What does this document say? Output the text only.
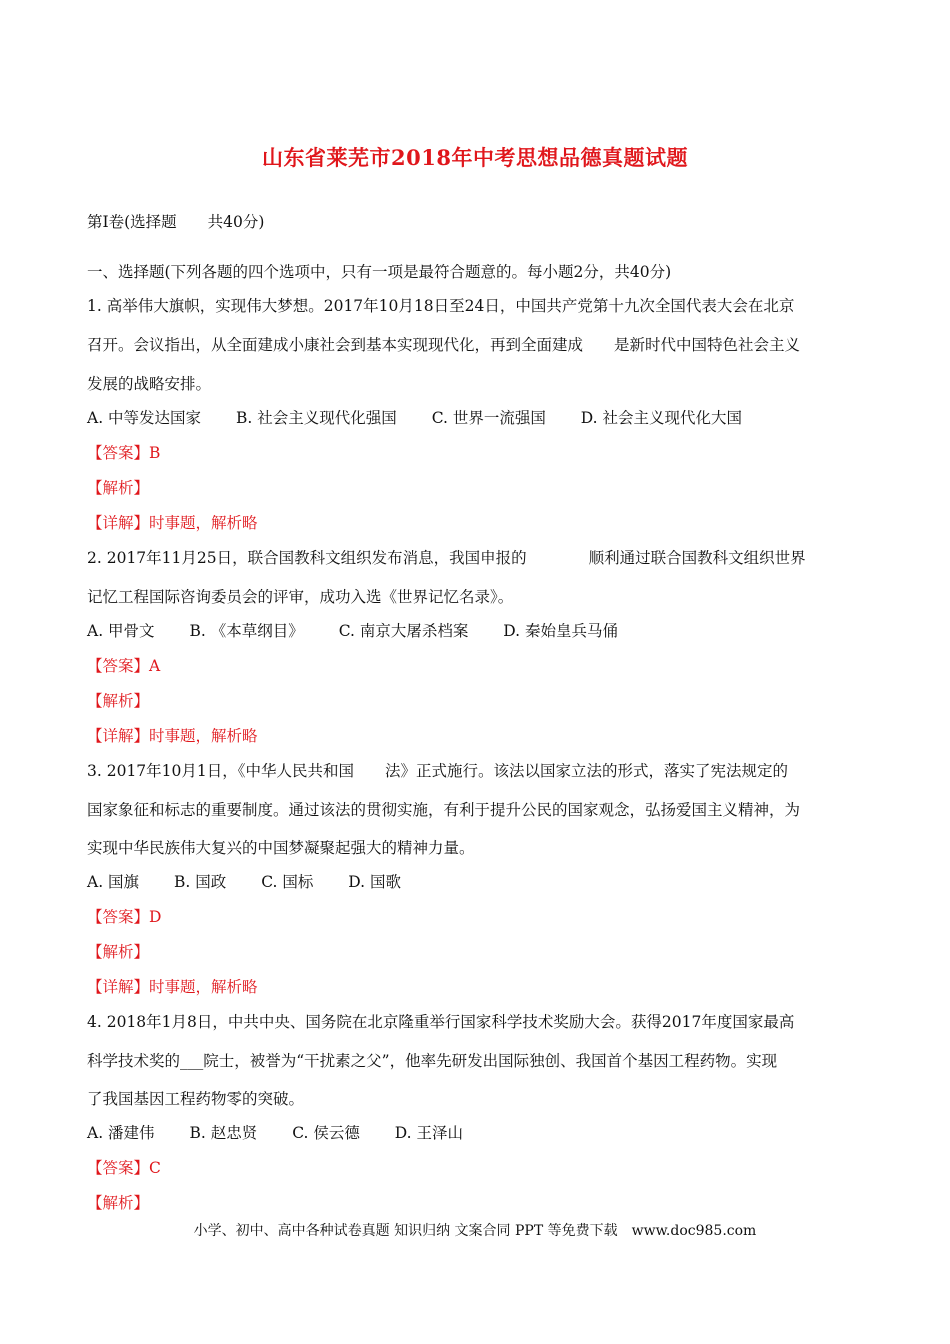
山东省莱芜市2018年中考思想品德真题试题
第Ⅰ卷(选择题　　共40分)
一、选择题(下列各题的四个选项中，只有一项是最符合题意的。每小题2分，共40分)
1. 高举伟大旗帜，实现伟大梦想。2017年10月18日至24日，中国共产党第十九次全国代表大会在北京
召开。会议指出，从全面建成小康社会到基本实现现代化，再到全面建成　　是新时代中国特色社会主义
发展的战略安排。
A. 中等发达国家 B. 社会主义现代化强国 C. 世界一流强国 D. 社会主义现代化大国
【答案】B
【解析】
【详解】时事题，解析略
2. 2017年11月25日，联合国教科文组织发布消息，我国申报的　　　　顺利通过联合国教科文组织世界
记忆工程国际咨询委员会的评审，成功入选《世界记忆名录》。
A. 甲骨文 B. 《本草纲目》 C. 南京大屠杀档案 D. 秦始皇兵马俑
【答案】A
【解析】
【详解】时事题，解析略
3. 2017年10月1日，《中华人民共和国　　法》正式施行。该法以国家立法的形式，落实了宪法规定的
国家象征和标志的重要制度。通过该法的贯彻实施，有利于提升公民的国家观念，弘扬爱国主义精神，为
实现中华民族伟大复兴的中国梦凝聚起强大的精神力量。
A. 国旗 B. 国政 C. 国标 D. 国歌
【答案】D
【解析】
【详解】时事题，解析略
4. 2018年1月8日，中共中央、国务院在北京隆重举行国家科学技术奖励大会。获得2017年度国家最高
科学技术奖的___院士，被誉为“干扰素之父”，他率先研发出国际独创、我国首个基因工程药物。实现
了我国基因工程药物零的突破。
A. 潘建伟 B. 赵忠贤 C. 侯云德 D. 王泽山
【答案】C
【解析】
小学、初中、高中各种试卷真题 知识归纳 文案合同 PPT 等免费下载　www.doc985.com
